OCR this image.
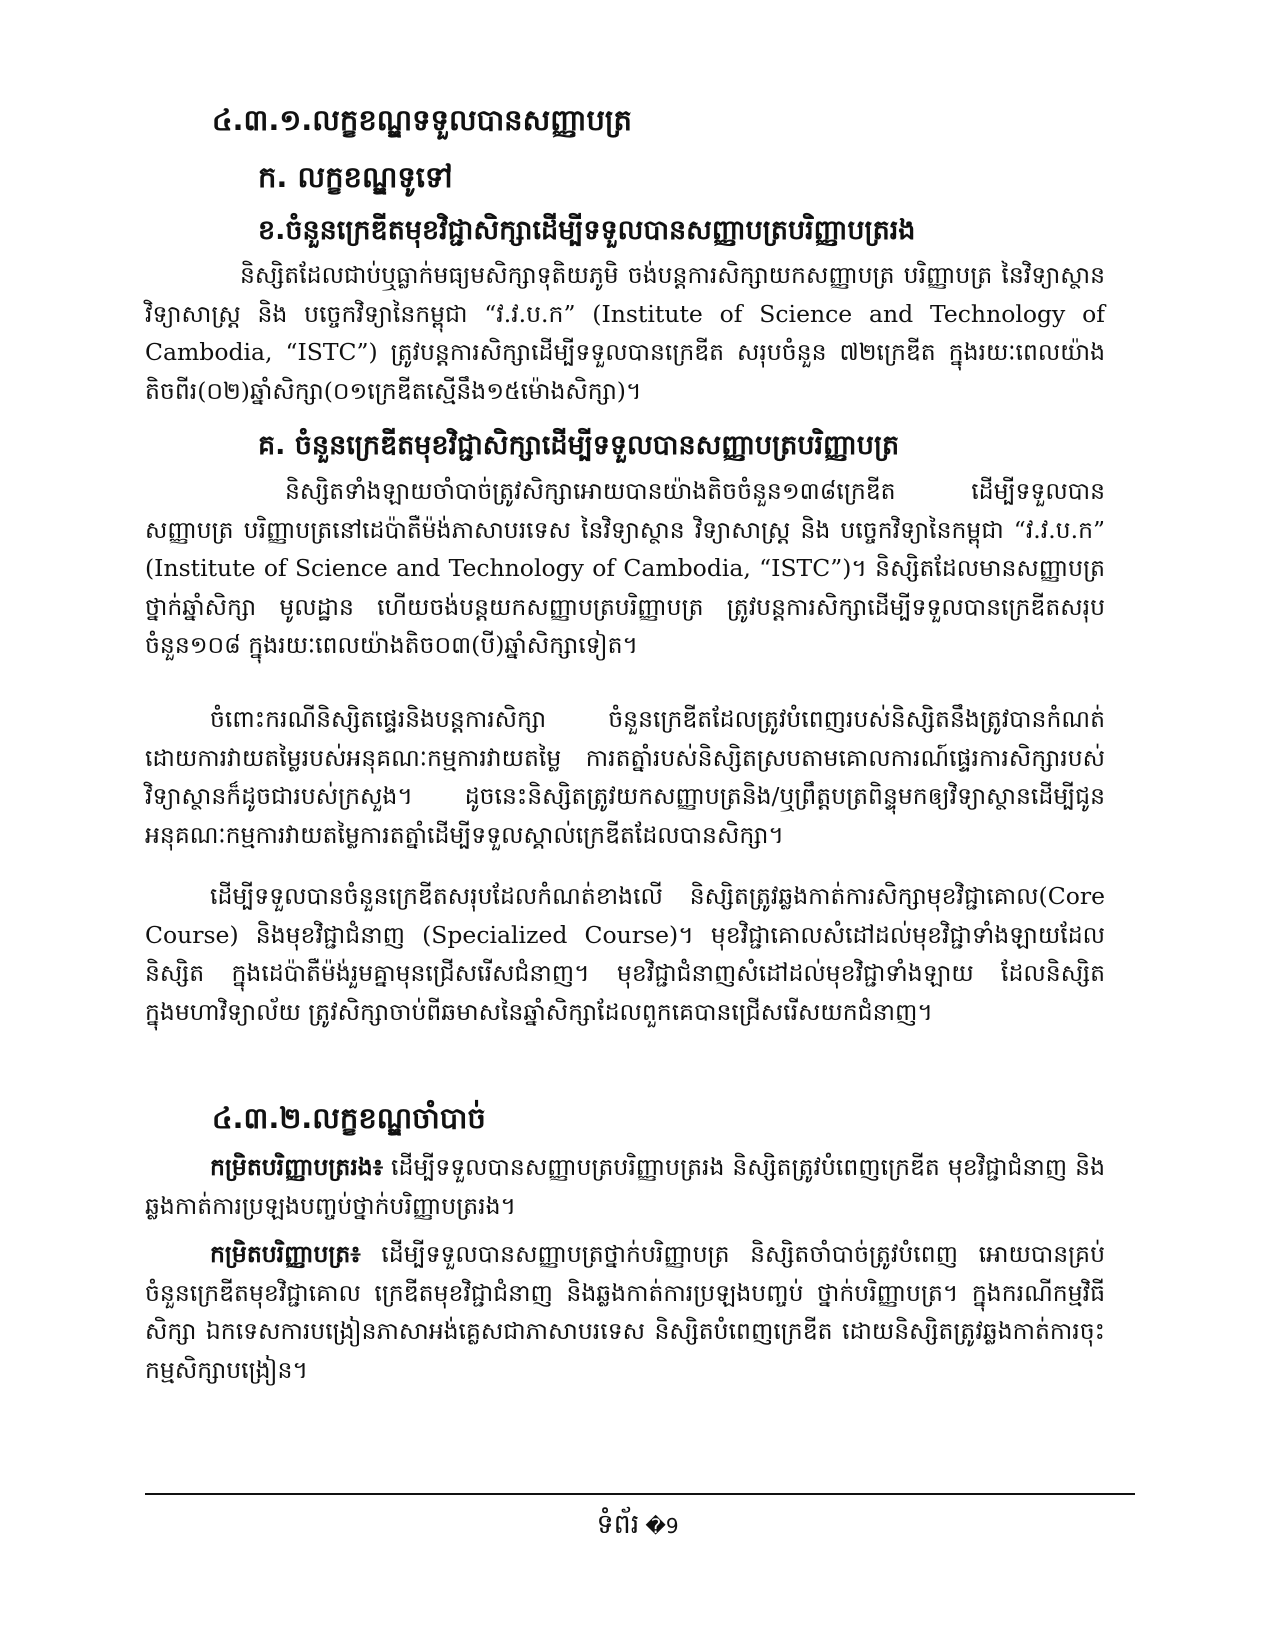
៤.៣.១.លក្ខខណ្ឌទទួលបានសញ្ញាបត្រ
ក. លក្ខខណ្ឌទូទៅ
ខ.ចំនួនក្រេឌីតមុខវិជ្ជាសិក្សាដើម្បីទទួលបានសញ្ញាបត្របរិញ្ញាបត្ររង
និស្សិតដែលជាប់ឬធ្លាក់មធ្យមសិក្សាទុតិយភូមិ ចង់បន្តការសិក្សាយកសញ្ញាបត្រ បរិញ្ញាបត្រ នៃវិទ្យាស្ថាន វិទ្យាសាស្ត្រ និង បច្ចេកវិទ្យានៃកម្ពុជា “វ.វ.ប.ក” (Institute of Science and Technology of Cambodia, “ISTC”) ត្រូវបន្តការសិក្សាដើម្បីទទួលបានក្រេឌីត សរុបចំនួន ៧២ក្រេឌីត ក្នុងរយៈពេលយ៉ាងតិចពីរ(០២)ឆ្នាំសិក្សា(០១ក្រេឌីតស្មើនឹង១៥ម៉ោងសិក្សា)។
គ. ចំនួនក្រេឌីតមុខវិជ្ជាសិក្សាដើម្បីទទួលបានសញ្ញាបត្របរិញ្ញាបត្រ
និស្សិតទាំងឡាយចាំបាច់ត្រូវសិក្សាអោយបានយ៉ាងតិចចំនួន១៣៨ក្រេឌីត ដើម្បីទទួលបានសញ្ញាបត្រ បរិញ្ញាបត្រនៅដេប៉ាតឺម៉ង់ភាសាបរទេស នៃវិទ្យាស្ថាន វិទ្យាសាស្ត្រ និង បច្ចេកវិទ្យានៃកម្ពុជា “វ.វ.ប.ក” (Institute of Science and Technology of Cambodia, “ISTC”)។ និស្សិតដែលមានសញ្ញាបត្រថ្នាក់ឆ្នាំសិក្សា មូលដ្ឋាន ហើយចង់បន្តយកសញ្ញាបត្របរិញ្ញាបត្រ ត្រូវបន្តការសិក្សាដើម្បីទទួលបានក្រេឌីតសរុបចំនួន១០៨ ក្នុងរយៈពេលយ៉ាងតិច០៣(បី)ឆ្នាំសិក្សាទៀត។
ចំពោះករណីនិស្សិតផ្ទេរនិងបន្តការសិក្សា ចំនួនក្រេឌីតដែលត្រូវបំពេញរបស់និស្សិតនឹងត្រូវបានកំណត់ ដោយការវាយតម្លៃរបស់អនុគណៈកម្មការវាយតម្លៃ ការតត្នាំរបស់និស្សិតស្របតាមគោលការណ៍ផ្ទេរការសិក្សារបស់វិទ្យាស្ថានក៏ដូចជារបស់ក្រសួង។ ដូចនេះនិស្សិតត្រូវយកសញ្ញាបត្រនិង/ឬព្រឹត្តបត្រពិន្ទុមកឲ្យវិទ្យាស្ថានដើម្បីជូនអនុគណៈកម្មការវាយតម្លៃការតត្នាំដើម្បីទទួលស្គាល់ក្រេឌីតដែលបានសិក្សា។
ដើម្បីទទួលបានចំនួនក្រេឌីតសរុបដែលកំណត់ខាងលើ និស្សិតត្រូវឆ្លងកាត់ការសិក្សាមុខវិជ្ជាគោល(Core Course) និងមុខវិជ្ជាជំនាញ (Specialized Course)។ មុខវិជ្ជាគោលសំដៅដល់មុខវិជ្ជាទាំងឡាយដែលនិស្សិត ក្នុងដេប៉ាតឺម៉ង់រួមគ្នាមុនជ្រើសរើសជំនាញ។ មុខវិជ្ជាជំនាញសំដៅដល់មុខវិជ្ជាទាំងឡាយ ដែលនិស្សិត ក្នុងមហាវិទ្យាល័យ ត្រូវសិក្សាចាប់ពីឆមាសនៃឆ្នាំសិក្សាដែលពួកគេបានជ្រើសរើសយកជំនាញ។
៤.៣.២.លក្ខខណ្ឌចាំបាច់
កម្រិតបរិញ្ញាបត្ររង៖ ដើម្បីទទួលបានសញ្ញាបត្របរិញ្ញាបត្ររង និស្សិតត្រូវបំពេញក្រេឌីត មុខវិជ្ជាជំនាញ និងឆ្លងកាត់ការប្រឡងបញ្ចប់ថ្នាក់បរិញ្ញាបត្ររង។
កម្រិតបរិញ្ញាបត្រ៖ ដើម្បីទទួលបានសញ្ញាបត្រថ្នាក់បរិញ្ញាបត្រ និស្សិតចាំបាច់ត្រូវបំពេញ អោយបានគ្រប់ចំនួនក្រេឌីតមុខវិជ្ជាគោល ក្រេឌីតមុខវិជ្ជាជំនាញ និងឆ្លងកាត់ការប្រឡងបញ្ចប់ ថ្នាក់បរិញ្ញាបត្រ។ ក្នុងករណីកម្មវិធីសិក្សា ឯកទេសការបង្រៀនភាសាអង់គ្លេសជាភាសាបរទេស និស្សិតបំពេញក្រេឌីត ដោយនិស្សិតត្រូវឆ្លងកាត់ការចុះកម្មសិក្សាបង្រៀន។
ទំព័រ �9
